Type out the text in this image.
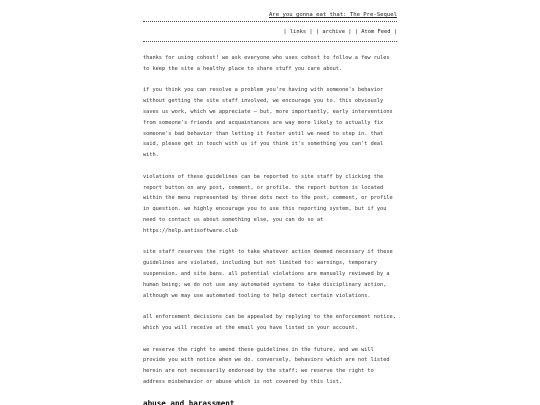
Are you gonna eat that: The Pre-Sequel
| links | | archive | | Atom Feed |

thanks for using cohost! we ask everyone who uses cohost to follow a few rules to keep the site a healthy place to share stuff you care about.

if you think you can resolve a problem you're having with someone's behavior without getting the site staff involved, we encourage you to. this obviously saves us work, which we appreciate — but, more importantly, early interventions from someone's friends and acquaintances are way more likely to actually fix someone's bad behavior than letting it fester until we need to step in. that said, please get in touch with us if you think it's something you can't deal with.

violations of these guidelines can be reported to site staff by clicking the report button on any post, comment, or profile. the report button is located within the menu represented by three dots next to the post, comment, or profile in question. we highly encourage you to use this reporting system, but if you need to contact us about something else, you can do so at https://help.antisoftware.club

site staff reserves the right to take whatever action deemed necessary if these guidelines are violated, including but not limited to: warnings, temporary suspension, and site bans. all potential violations are manually reviewed by a human being; we do not use any automated systems to take disciplinary action, although we may use automated tooling to help detect certain violations.

all enforcement decisions can be appealed by replying to the enforcement notice, which you will receive at the email you have listed in your account.

we reserve the right to amend these guidelines in the future, and we will provide you with notice when we do. conversely, behaviors which are not listed herein are not necessarily endorsed by the staff; we reserve the right to address misbehavior or abuse which is not covered by this list.

abuse and harassment
